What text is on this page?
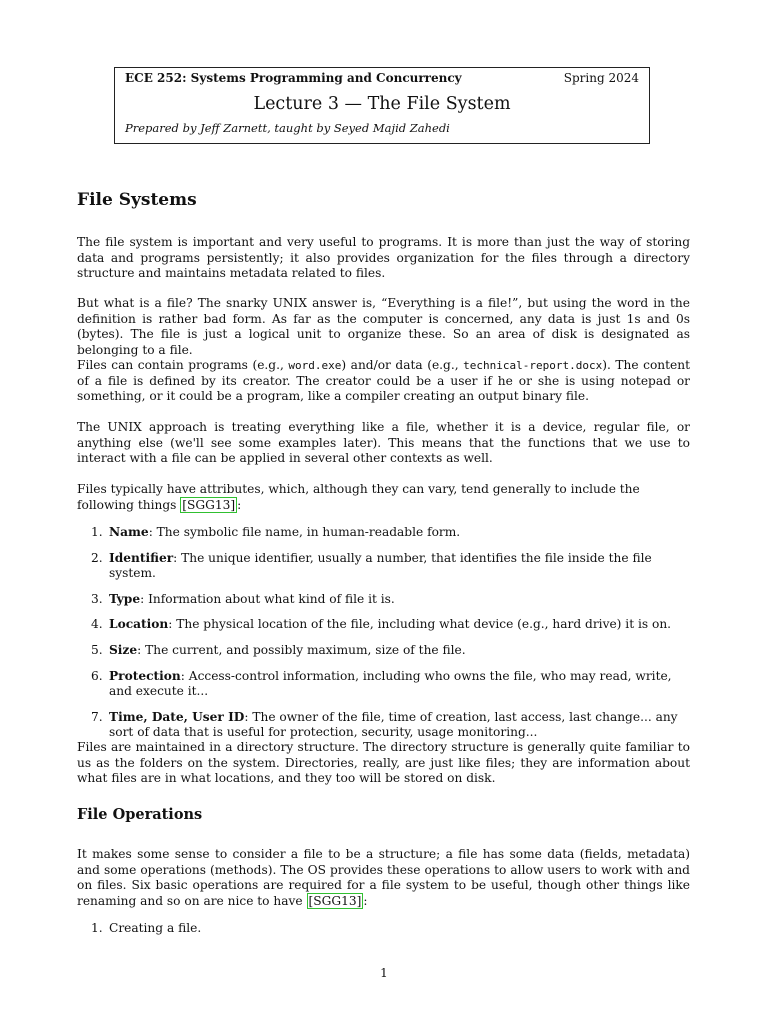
ECE 252: Systems Programming and Concurrency	Spring 2024
Lecture 3 — The File System
Prepared by Jeff Zarnett, taught by Seyed Majid Zahedi
File Systems

The file system is important and very useful to programs. It is more than just the way of storing data and programs persistently; it also provides organization for the files through a directory structure and maintains metadata related to files.

But what is a file? The snarky UNIX answer is, “Everything is a file!”, but using the word in the definition is rather bad form. As far as the computer is concerned, any data is just 1s and 0s (bytes). The file is just a logical unit to organize these. So an area of disk is designated as belonging to a file.

Files can contain programs (e.g., word.exe) and/or data (e.g., technical-report.docx). The content of a file is defined by its creator. The creator could be a user if he or she is using notepad or something, or it could be a program, like a compiler creating an output binary file.

The UNIX approach is treating everything like a file, whether it is a device, regular file, or anything else (we'll see some examples later). This means that the functions that we use to interact with a file can be applied in several other contexts as well.

Files typically have attributes, which, although they can vary, tend generally to include the following things [SGG13] :

1. Name: The symbolic file name, in human-readable form.
2. Identifier: The unique identifier, usually a number, that identifies the file inside the file system.
3. Type: Information about what kind of file it is.
4. Location: The physical location of the file, including what device (e.g., hard drive) it is on.
5. Size: The current, and possibly maximum, size of the file.
6. Protection: Access-control information, including who owns the file, who may read, write, and execute it...
7. Time, Date, User ID: The owner of the file, time of creation, last access, last change... any sort of data that is useful for protection, security, usage monitoring...

Files are maintained in a directory structure. The directory structure is generally quite familiar to us as the folders on the system. Directories, really, are just like files; they are information about what files are in what locations, and they too will be stored on disk.

File Operations

It makes some sense to consider a file to be a structure; a file has some data (fields, metadata) and some operations (methods). The OS provides these operations to allow users to work with and on files. Six basic operations are required for a file system to be useful, though other things like renaming and so on are nice to have [SGG13] :

1. Creating a file.
1
